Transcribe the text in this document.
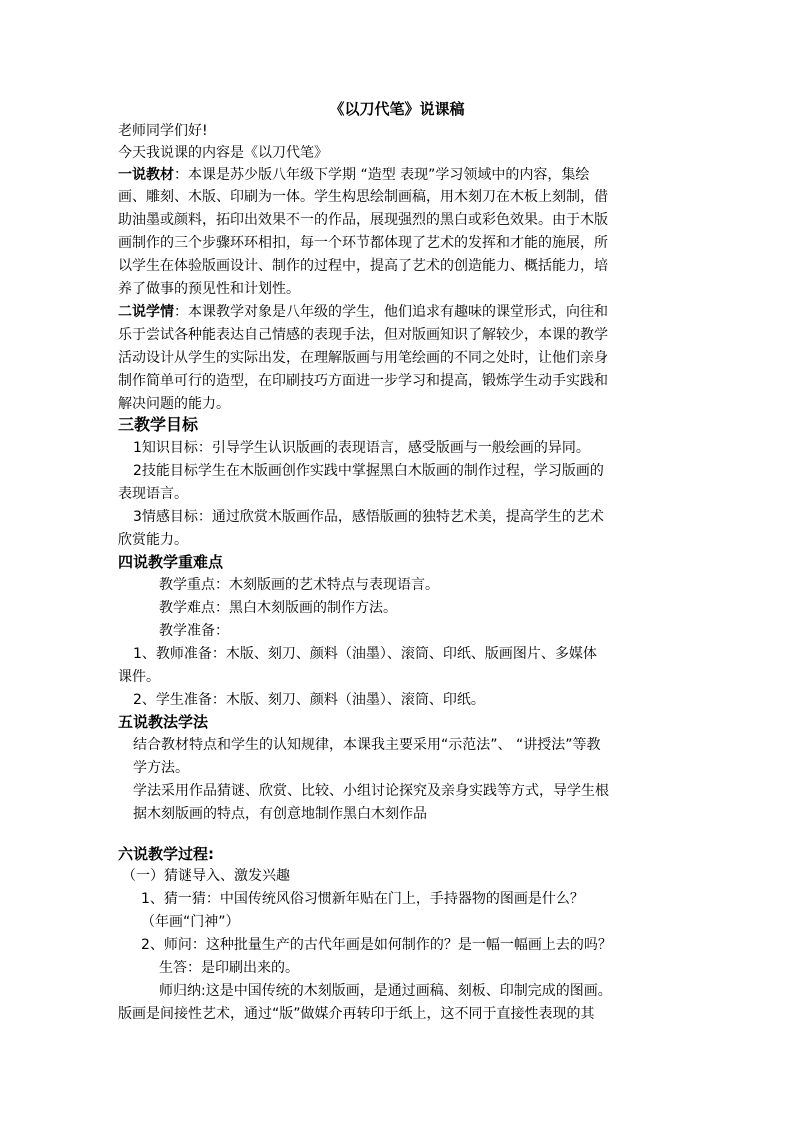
《以刀代笔》说课稿
老师同学们好!
今天我说课的内容是《以刀代笔》
一说教材：本课是苏少版八年级下学期 “造型 表现”学习领域中的内容，集绘
画、雕刻、木版、印刷为一体。学生构思绘制画稿，用木刻刀在木板上刻制，借
助油墨或颜料，拓印出效果不一的作品，展现强烈的黑白或彩色效果。由于木版
画制作的三个步骤环环相扣，每一个环节都体现了艺术的发挥和才能的施展，所
以学生在体验版画设计、制作的过程中，提高了艺术的创造能力、概括能力，培
养了做事的预见性和计划性。
二说学情：本课教学对象是八年级的学生，他们追求有趣味的课堂形式，向往和
乐于尝试各种能表达自己情感的表现手法，但对版画知识了解较少，本课的教学
活动设计从学生的实际出发，在理解版画与用笔绘画的不同之处时，让他们亲身
制作简单可行的造型，在印刷技巧方面进一步学习和提高，锻炼学生动手实践和
解决问题的能力。
三教学目标
1知识目标：引导学生认识版画的表现语言，感受版画与一般绘画的异同。
2技能目标学生在木版画创作实践中掌握黑白木版画的制作过程，学习版画的
表现语言。
3情感目标：通过欣赏木版画作品，感悟版画的独特艺术美，提高学生的艺术
欣赏能力。
四说教学重难点
教学重点：木刻版画的艺术特点与表现语言。
教学难点：黑白木刻版画的制作方法。
教学准备：
1、教师准备：木版、刻刀、颜料（油墨）、滚筒、印纸、版画图片、多媒体
课件。
2、学生准备：木版、刻刀、颜料（油墨）、滚筒、印纸。
五说教法学法
结合教材特点和学生的认知规律，本课我主要采用“示范法”、 “讲授法”等教
学方法。
学法采用作品猜谜、欣赏、比较、小组讨论探究及亲身实践等方式，导学生根
据木刻版画的特点，有创意地制作黑白木刻作品
六说教学过程:
（一）猜谜导入、激发兴趣
1、猜一猜：中国传统风俗习惯新年贴在门上，手持器物的图画是什么？
（年画“门神”）
2、师问：这种批量生产的古代年画是如何制作的？是一幅一幅画上去的吗？
生答：是印刷出来的。
师归纳:这是中国传统的木刻版画，是通过画稿、刻板、印制完成的图画。
版画是间接性艺术，通过“版”做媒介再转印于纸上，这不同于直接性表现的其
